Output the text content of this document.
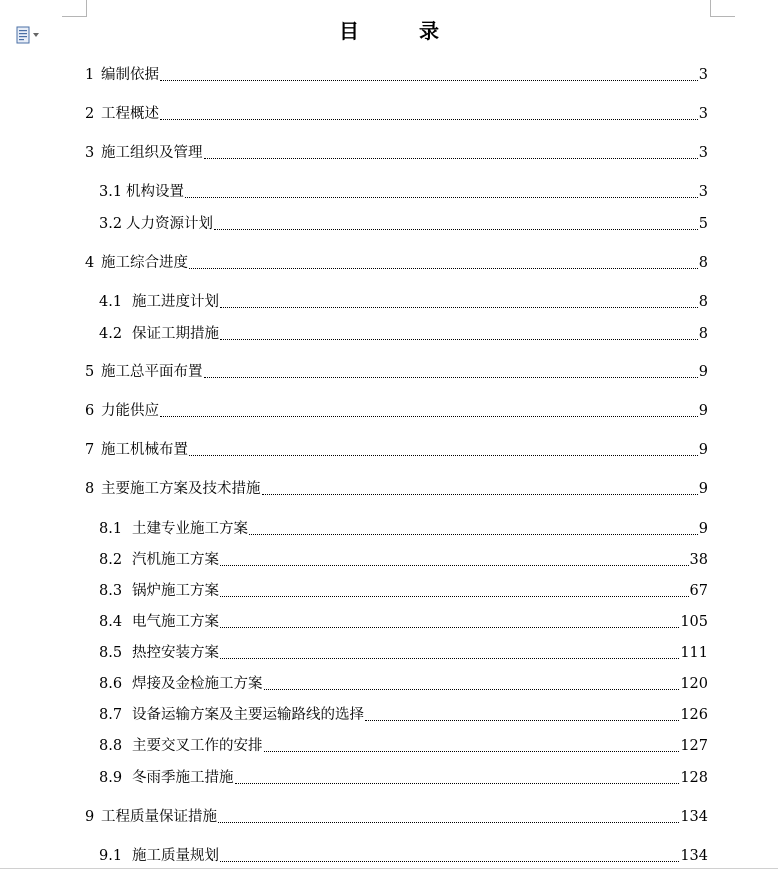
目	录
1 编制依据	3
2 工程概述	3
3 施工组织及管理	3
3.1 机构设置	3
3.2 人力资源计划	5
4 施工综合进度	8
4.1 施工进度计划	8
4.2 保证工期措施	8
5 施工总平面布置	9
6 力能供应	9
7 施工机械布置	9
8 主要施工方案及技术措施	9
8.1 土建专业施工方案	9
8.2 汽机施工方案	38
8.3 锅炉施工方案	67
8.4 电气施工方案	105
8.5 热控安装方案	111
8.6 焊接及金检施工方案	120
8.7 设备运输方案及主要运输路线的选择	126
8.8 主要交叉工作的安排	127
8.9 冬雨季施工措施	128
9 工程质量保证措施	134
9.1 施工质量规划	134
